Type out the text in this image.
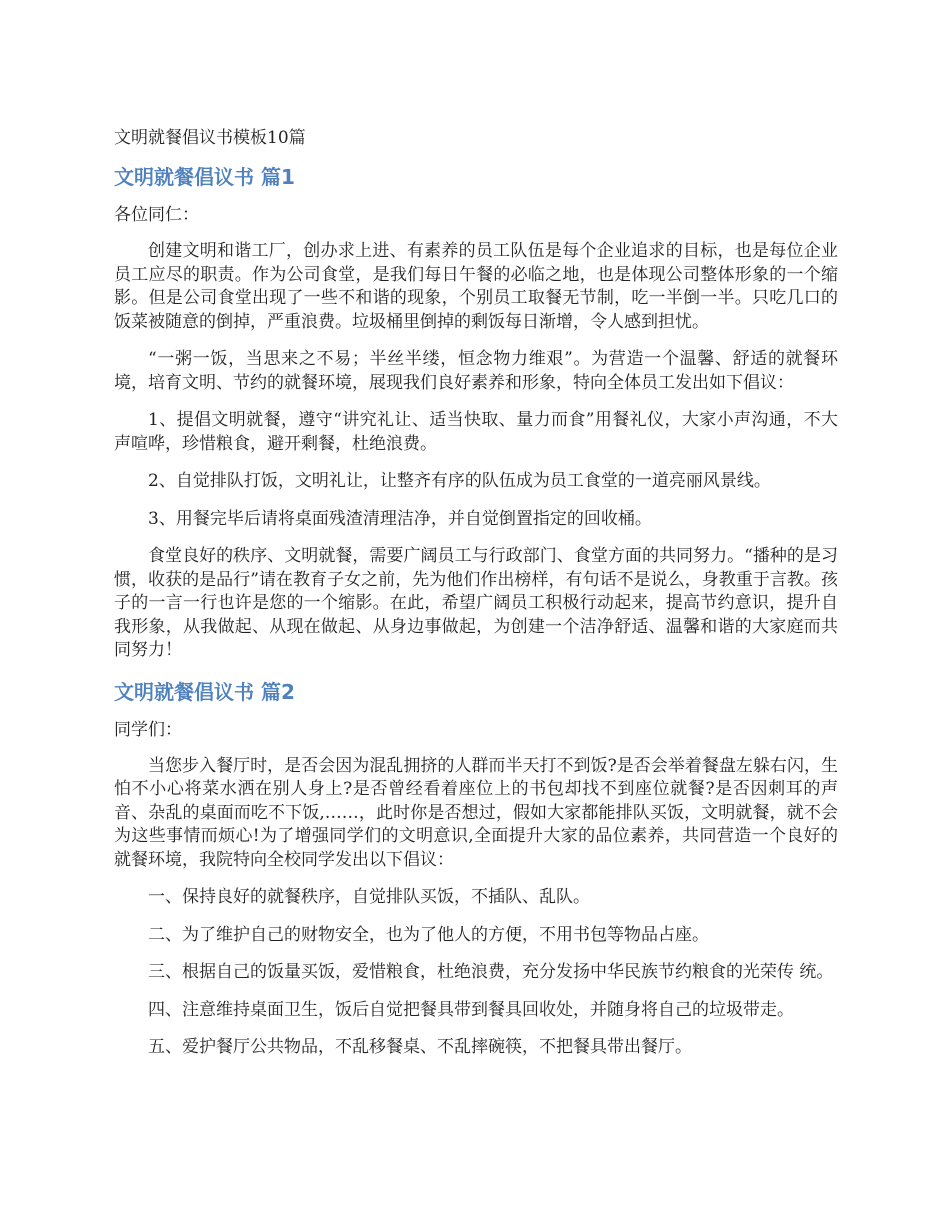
文明就餐倡议书模板10篇
文明就餐倡议书 篇1
各位同仁：

创建文明和谐工厂，创办求上进、有素养的员工队伍是每个企业追求的目标，也是每位企业员工应尽的职责。作为公司食堂，是我们每日午餐的必临之地，也是体现公司整体形象的一个缩影。但是公司食堂出现了一些不和谐的现象，个别员工取餐无节制，吃一半倒一半。只吃几口的饭菜被随意的倒掉，严重浪费。垃圾桶里倒掉的剩饭每日渐增，令人感到担忧。

“一粥一饭，当思来之不易；半丝半缕，恒念物力维艰”。为营造一个温馨、舒适的就餐环境，培育文明、节约的就餐环境，展现我们良好素养和形象，特向全体员工发出如下倡议：

1、提倡文明就餐，遵守“讲究礼让、适当快取、量力而食”用餐礼仪，大家小声沟通，不大声喧哗，珍惜粮食，避开剩餐，杜绝浪费。

2、自觉排队打饭，文明礼让，让整齐有序的队伍成为员工食堂的一道亮丽风景线。

3、用餐完毕后请将桌面残渣清理洁净，并自觉倒置指定的回收桶。

食堂良好的秩序、文明就餐，需要广阔员工与行政部门、食堂方面的共同努力。“播种的是习惯，收获的是品行”请在教育子女之前，先为他们作出榜样，有句话不是说么，身教重于言教。孩子的一言一行也许是您的一个缩影。在此，希望广阔员工积极行动起来，提高节约意识，提升自我形象，从我做起、从现在做起、从身边事做起，为创建一个洁净舒适、温馨和谐的大家庭而共同努力！

文明就餐倡议书 篇2
同学们：

当您步入餐厅时，是否会因为混乱拥挤的人群而半天打不到饭?是否会举着餐盘左躲右闪，生怕不小心将菜水洒在别人身上?是否曾经看着座位上的书包却找不到座位就餐?是否因刺耳的声音、杂乱的桌面而吃不下饭,……，此时你是否想过，假如大家都能排队买饭，文明就餐，就不会为这些事情而烦心!为了增强同学们的文明意识,全面提升大家的品位素养，共同营造一个良好的就餐环境，我院特向全校同学发出以下倡议：

一、保持良好的就餐秩序，自觉排队买饭，不插队、乱队。

二、为了维护自己的财物安全，也为了他人的方便，不用书包等物品占座。

三、根据自己的饭量买饭，爱惜粮食，杜绝浪费，充分发扬中华民族节约粮食的光荣传 统。

四、注意维持桌面卫生，饭后自觉把餐具带到餐具回收处，并随身将自己的垃圾带走。

五、爱护餐厅公共物品，不乱移餐桌、不乱摔碗筷，不把餐具带出餐厅。
